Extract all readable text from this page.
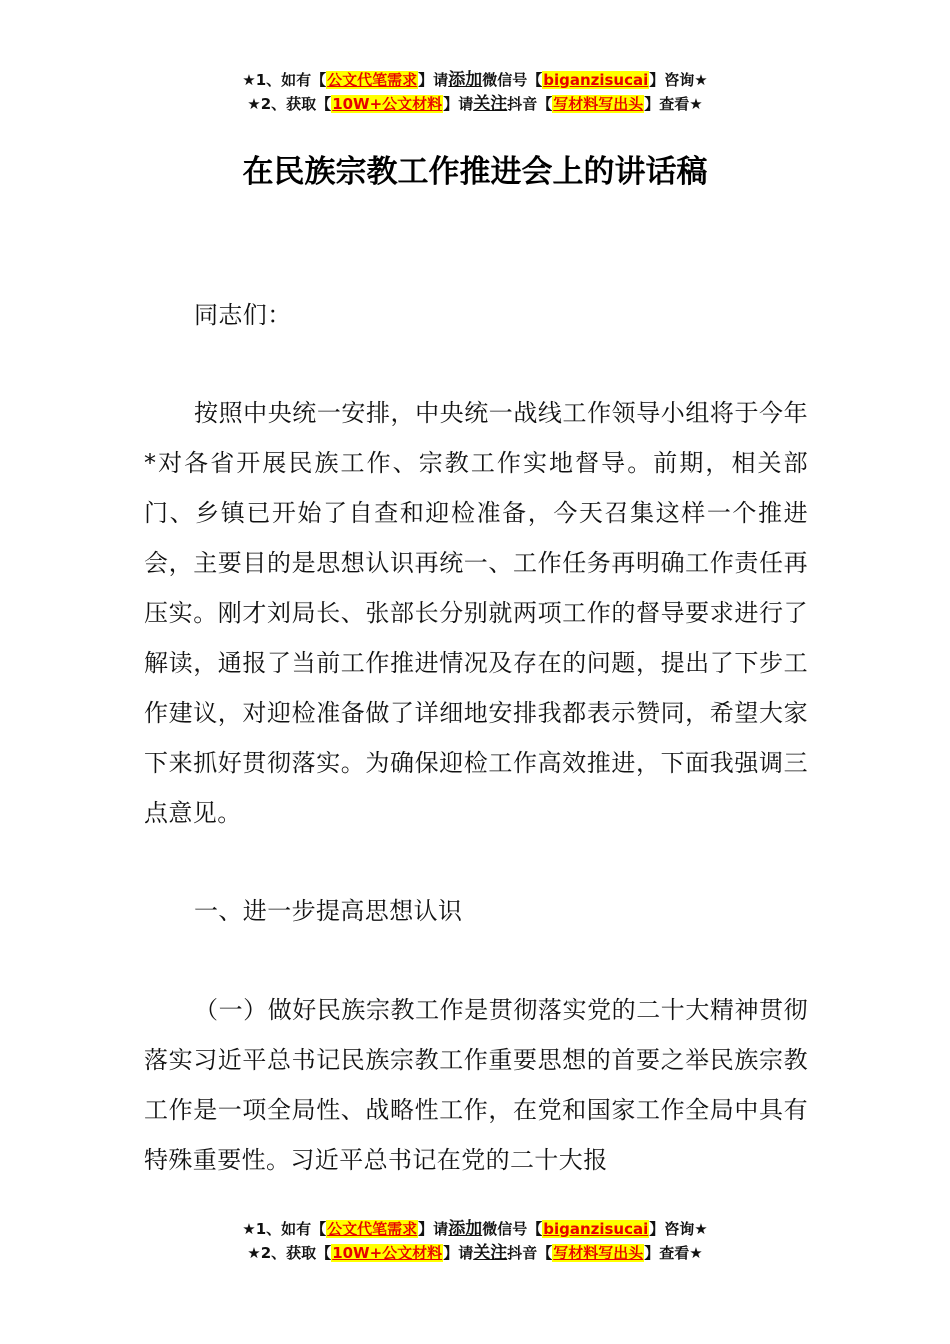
★1、如有【公文代笔需求】请添加微信号【biganzisucai】咨询★
★2、获取【10W+公文材料】请关注抖音【写材料写出头】查看★
在民族宗教工作推进会上的讲话稿

同志们：

按照中央统一安排，中央统一战线工作领导小组将于今年*对各省开展民族工作、宗教工作实地督导。前期，相关部门、乡镇已开始了自查和迎检准备，今天召集这样一个推进会，主要目的是思想认识再统一、工作任务再明确工作责任再压实。刚才刘局长、张部长分别就两项工作的督导要求进行了解读，通报了当前工作推进情况及存在的问题，提出了下步工作建议，对迎检准备做了详细地安排我都表示赞同，希望大家下来抓好贯彻落实。为确保迎检工作高效推进，下面我强调三点意见。

一、进一步提高思想认识

（一）做好民族宗教工作是贯彻落实党的二十大精神贯彻落实习近平总书记民族宗教工作重要思想的首要之举民族宗教工作是一项全局性、战略性工作，在党和国家工作全局中具有特殊重要性。习近平总书记在党的二十大报

★1、如有【公文代笔需求】请添加微信号【biganzisucai】咨询★
★2、获取【10W+公文材料】请关注抖音【写材料写出头】查看★
